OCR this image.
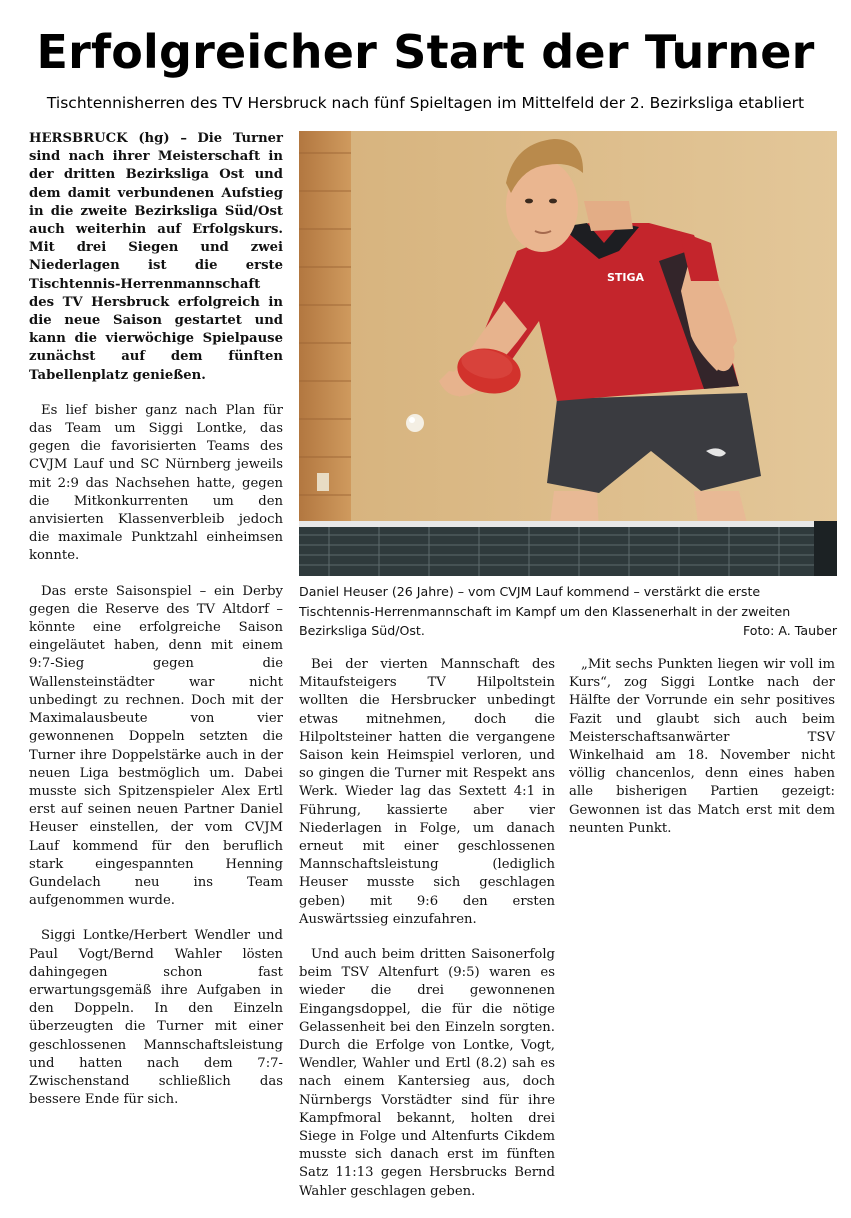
Erfolgreicher Start der Turner
Tischtennisherren des TV Hersbruck nach fünf Spieltagen im Mittelfeld der 2. Bezirksliga etabliert

HERSBRUCK (hg) – Die Turner sind nach ihrer Meisterschaft in der dritten Bezirksliga Ost und dem damit verbundenen Aufstieg in die zweite Bezirksliga Süd/Ost auch weiterhin auf Erfolgskurs. Mit drei Siegen und zwei Niederlagen ist die erste Tischtennis-Herrenmannschaft des TV Hersbruck erfolgreich in die neue Saison gestartet und kann die vierwöchige Spielpause zunächst auf dem fünften Tabellenplatz genießen.

Es lief bisher ganz nach Plan für das Team um Siggi Lontke, das gegen die favorisierten Teams des CVJM Lauf und SC Nürnberg jeweils mit 2:9 das Nachsehen hatte, gegen die Mitkonkurrenten um den anvisierten Klassenverbleib jedoch die maximale Punktzahl einheimsen konnte.

Das erste Saisonspiel – ein Derby gegen die Reserve des TV Altdorf – könnte eine erfolgreiche Saison eingeläutet haben, denn mit einem 9:7-Sieg gegen die Wallensteinstädter war nicht unbedingt zu rechnen. Doch mit der Maximalausbeute von vier gewonnenen Doppeln setzten die Turner ihre Doppelstärke auch in der neuen Liga bestmöglich um. Dabei musste sich Spitzenspieler Alex Ertl erst auf seinen neuen Partner Daniel Heuser einstellen, der vom CVJM Lauf kommend für den beruflich stark eingespannten Henning Gundelach neu ins Team aufgenommen wurde.

Siggi Lontke/Herbert Wendler und Paul Vogt/Bernd Wahler lösten dahingegen schon fast erwartungsgemäß ihre Aufgaben in den Doppeln. In den Einzeln überzeugten die Turner mit einer geschlossenen Mannschaftsleistung und hatten nach dem 7:7-Zwischenstand schließlich das bessere Ende für sich.

STIGA

Daniel Heuser (26 Jahre) – vom CVJM Lauf kommend – verstärkt die erste Tischtennis-Herrenmannschaft im Kampf um den Klassenerhalt in der zweiten Bezirksliga Süd/Ost.	Foto: A. Tauber

Bei der vierten Mannschaft des Mitaufsteigers TV Hilpoltstein wollten die Hersbrucker unbedingt etwas mitnehmen, doch die Hilpoltsteiner hatten die vergangene Saison kein Heimspiel verloren, und so gingen die Turner mit Respekt ans Werk. Wieder lag das Sextett 4:1 in Führung, kassierte aber vier Niederlagen in Folge, um danach erneut mit einer geschlossenen Mannschaftsleistung (lediglich Heuser musste sich geschlagen geben) mit 9:6 den ersten Auswärtssieg einzufahren.

Und auch beim dritten Saisonerfolg beim TSV Altenfurt (9:5) waren es wieder die drei gewonnenen Eingangsdoppel, die für die nötige Gelassenheit bei den Einzeln sorgten. Durch die Erfolge von Lontke, Vogt, Wendler, Wahler und Ertl (8.2) sah es nach einem Kantersieg aus, doch Nürnbergs Vorstädter sind für ihre Kampfmoral bekannt, holten drei Siege in Folge und Altenfurts Cikdem musste sich danach erst im fünften Satz 11:13 gegen Hersbrucks Bernd Wahler geschlagen geben.

„Mit sechs Punkten liegen wir voll im Kurs“, zog Siggi Lontke nach der Hälfte der Vorrunde ein sehr positives Fazit und glaubt sich auch beim Meisterschaftsanwärter TSV Winkelhaid am 18. November nicht völlig chancenlos, denn eines haben alle bisherigen Partien gezeigt: Gewonnen ist das Match erst mit dem neunten Punkt.
